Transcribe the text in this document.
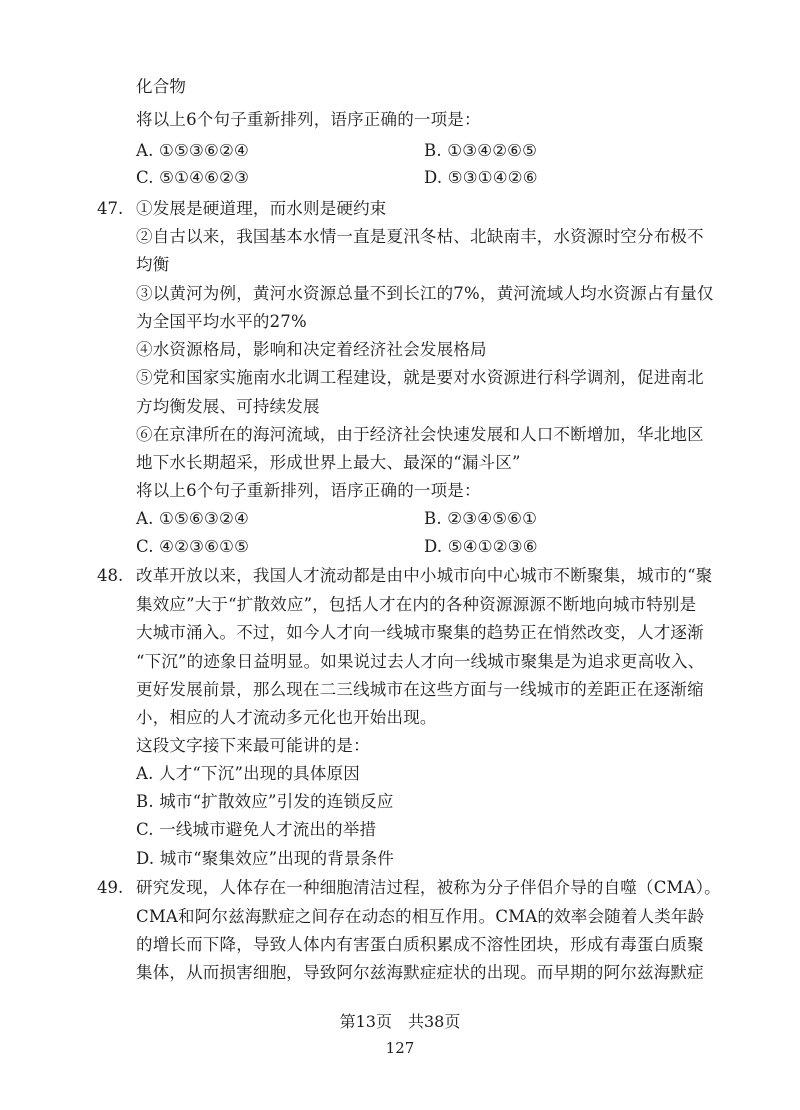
化合物
将以上6个句子重新排列，语序正确的一项是：
A. ①⑤③⑥②④	B. ①③④②⑥⑤
C. ⑤①④⑥②③	D. ⑤③①④②⑥
47. ①发展是硬道理，而水则是硬约束
②自古以来，我国基本水情一直是夏汛冬枯、北缺南丰，水资源时空分布极不
均衡
③以黄河为例，黄河水资源总量不到长江的7%，黄河流域人均水资源占有量仅
为全国平均水平的27%
④水资源格局，影响和决定着经济社会发展格局
⑤党和国家实施南水北调工程建设，就是要对水资源进行科学调剂，促进南北
方均衡发展、可持续发展
⑥在京津所在的海河流域，由于经济社会快速发展和人口不断增加，华北地区
地下水长期超采，形成世界上最大、最深的“漏斗区”
将以上6个句子重新排列，语序正确的一项是：
A. ①⑤⑥③②④	B. ②③④⑤⑥①
C. ④②③⑥①⑤	D. ⑤④①②③⑥
48. 改革开放以来，我国人才流动都是由中小城市向中心城市不断聚集，城市的“聚
集效应”大于“扩散效应”，包括人才在内的各种资源源源不断地向城市特别是
大城市涌入。不过，如今人才向一线城市聚集的趋势正在悄然改变，人才逐渐
“下沉”的迹象日益明显。如果说过去人才向一线城市聚集是为追求更高收入、
更好发展前景，那么现在二三线城市在这些方面与一线城市的差距正在逐渐缩
小，相应的人才流动多元化也开始出现。
这段文字接下来最可能讲的是：
A. 人才“下沉”出现的具体原因
B. 城市“扩散效应”引发的连锁反应
C. 一线城市避免人才流出的举措
D. 城市“聚集效应”出现的背景条件
49. 研究发现，人体存在一种细胞清洁过程，被称为分子伴侣介导的自噬（CMA）。
CMA和阿尔兹海默症之间存在动态的相互作用。CMA的效率会随着人类年龄
的增长而下降，导致人体内有害蛋白质积累成不溶性团块，形成有毒蛋白质聚
集体，从而损害细胞，导致阿尔兹海默症症状的出现。而早期的阿尔兹海默症
第13页　共38页
127
